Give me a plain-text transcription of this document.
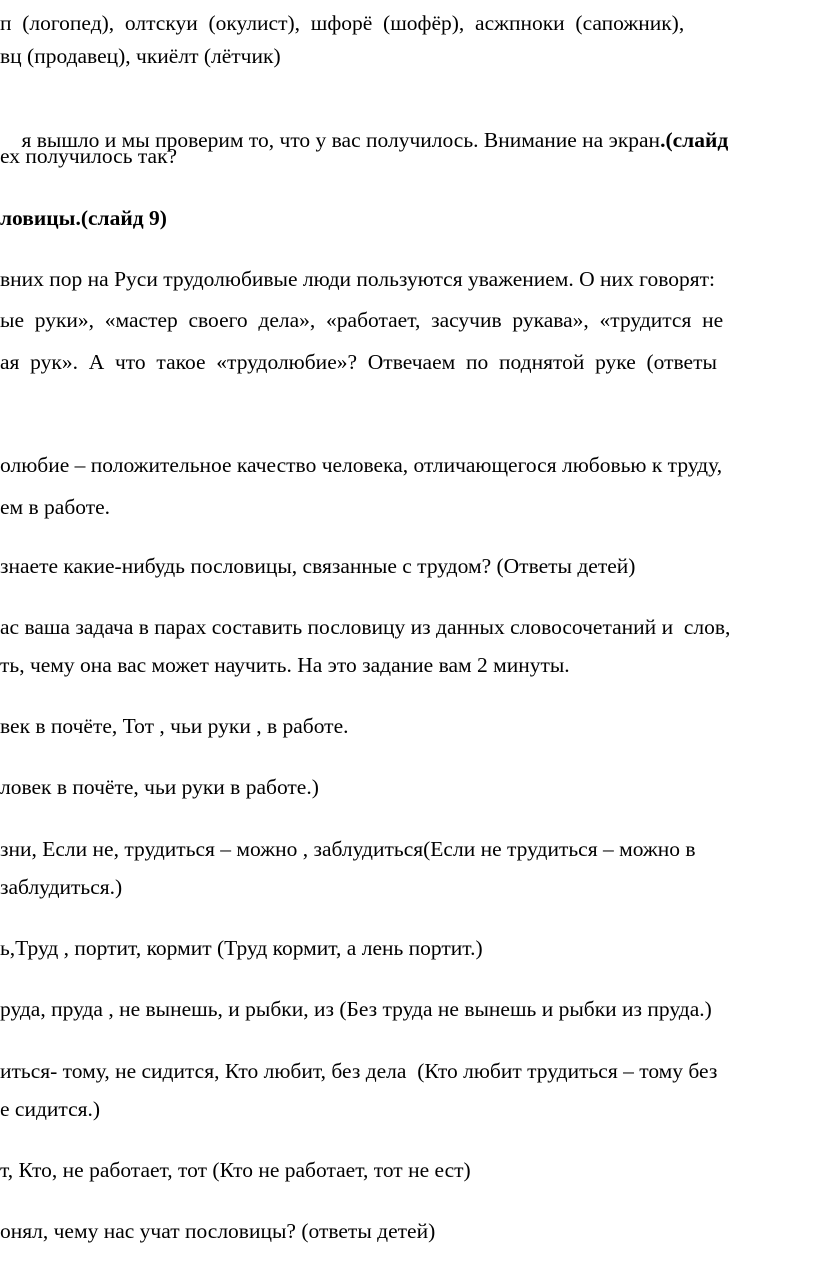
п  (логопед),  олтскуи  (окулист),  шфорё  (шофёр),  асжпноки  (сапожник),
вц (продавец), чкиёлт (лётчик)

я вышло и мы проверим то, что у вас получилось. Внимание на экран.(слайд

ех получилось так?
ловицы.(слайд 9)
вних пор на Руси трудолюбивые люди пользуются уважением. О них говорят:
ые  руки»,  «мастер  своего  дела»,  «работает,  засучив  рукава»,  «трудится  не
ая  рук».  А  что  такое  «трудолюбие»?  Отвечаем  по  поднятой  руке  (ответы
олюбие – положительное качество человека, отличающегося любовью к труду,
ем в работе.
знаете какие-нибудь пословицы, связанные с трудом? (Ответы детей)
ас ваша задача в парах составить пословицу из данных словосочетаний и  слов,
ть, чему она вас может научить. На это задание вам 2 минуты.
век в почёте, Тот , чьи руки , в работе.
ловек в почёте, чьи руки в работе.)
зни, Если не, трудиться – можно , заблудиться(Если не трудиться – можно в
заблудиться.)
ь,Труд , портит, кормит (Труд кормит, а лень портит.)
руда, пруда , не вынешь, и рыбки, из (Без труда не вынешь и рыбки из пруда.)
иться- тому, не сидится, Кто любит, без дела  (Кто любит трудиться – тому без
е сидится.)
т, Кто, не работает, тот (Кто не работает, тот не ест)
онял, чему нас учат пословицы? (ответы детей)
